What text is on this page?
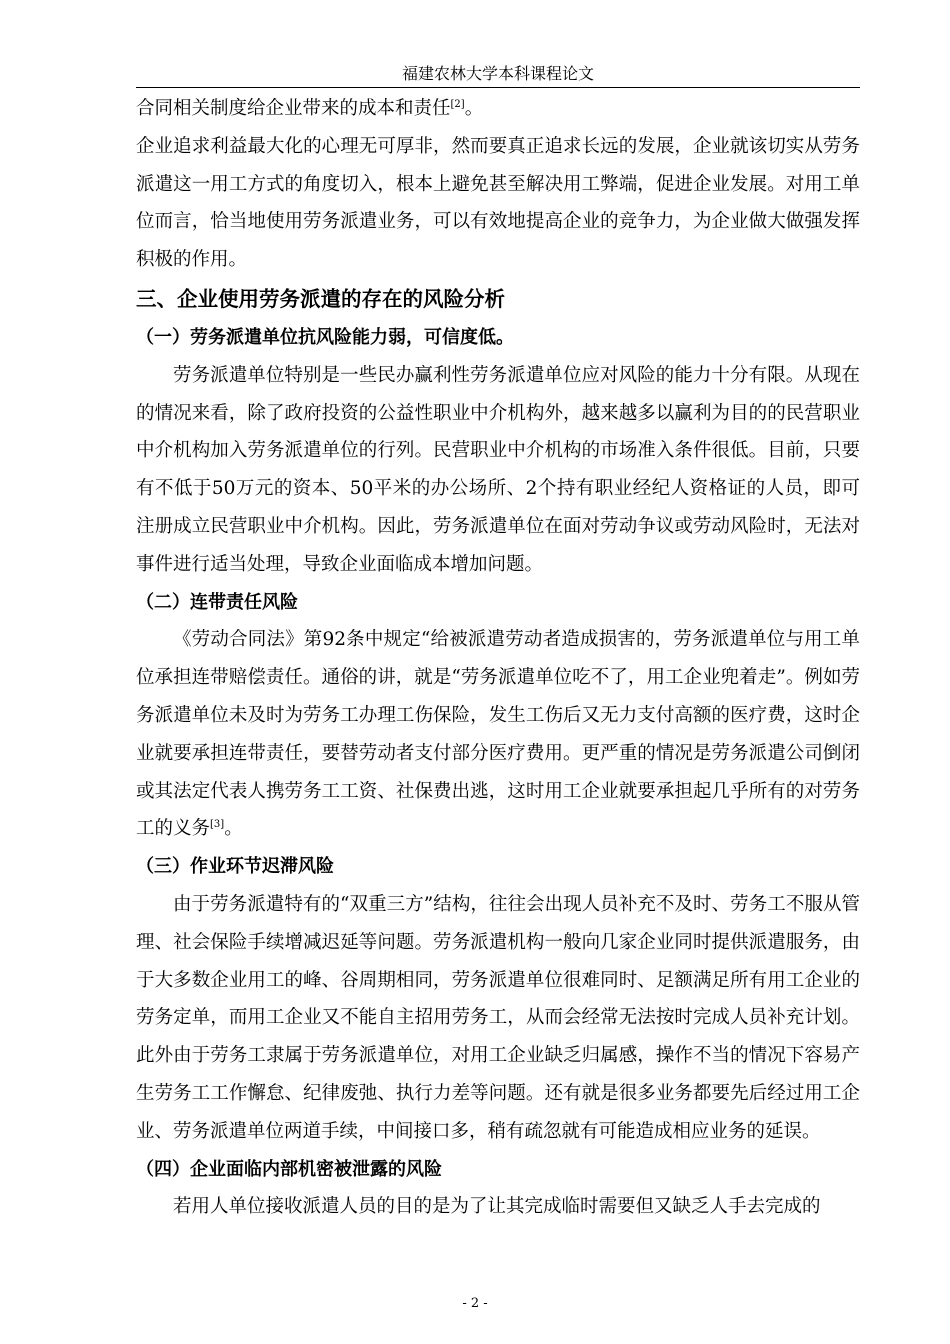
福建农林大学本科课程论文

合同相关制度给企业带来的成本和责任[2]。

企业追求利益最大化的心理无可厚非，然而要真正追求长远的发展，企业就该切实从劳务派遣这一用工方式的角度切入，根本上避免甚至解决用工弊端，促进企业发展。对用工单位而言，恰当地使用劳务派遣业务，可以有效地提高企业的竞争力，为企业做大做强发挥积极的作用。

三、企业使用劳务派遣的存在的风险分析
（一）劳务派遣单位抗风险能力弱，可信度低。

劳务派遣单位特别是一些民办赢利性劳务派遣单位应对风险的能力十分有限。从现在的情况来看，除了政府投资的公益性职业中介机构外，越来越多以赢利为目的的民营职业中介机构加入劳务派遣单位的行列。民营职业中介机构的市场准入条件很低。目前，只要有不低于50万元的资本、50平米的办公场所、2个持有职业经纪人资格证的人员，即可注册成立民营职业中介机构。因此，劳务派遣单位在面对劳动争议或劳动风险时，无法对事件进行适当处理，导致企业面临成本增加问题。

（二）连带责任风险

《劳动合同法》第92条中规定“给被派遣劳动者造成损害的，劳务派遣单位与用工单位承担连带赔偿责任。通俗的讲，就是“劳务派遣单位吃不了，用工企业兜着走”。例如劳务派遣单位未及时为劳务工办理工伤保险，发生工伤后又无力支付高额的医疗费，这时企业就要承担连带责任，要替劳动者支付部分医疗费用。更严重的情况是劳务派遣公司倒闭或其法定代表人携劳务工工资、社保费出逃，这时用工企业就要承担起几乎所有的对劳务工的义务[3]。

（三）作业环节迟滞风险

由于劳务派遣特有的“双重三方”结构，往往会出现人员补充不及时、劳务工不服从管理、社会保险手续增减迟延等问题。劳务派遣机构一般向几家企业同时提供派遣服务，由于大多数企业用工的峰、谷周期相同，劳务派遣单位很难同时、足额满足所有用工企业的劳务定单，而用工企业又不能自主招用劳务工，从而会经常无法按时完成人员补充计划。此外由于劳务工隶属于劳务派遣单位，对用工企业缺乏归属感，操作不当的情况下容易产生劳务工工作懈怠、纪律废弛、执行力差等问题。还有就是很多业务都要先后经过用工企业、劳务派遣单位两道手续，中间接口多，稍有疏忽就有可能造成相应业务的延误。

（四）企业面临内部机密被泄露的风险

若用人单位接收派遣人员的目的是为了让其完成临时需要但又缺乏人手去完成的

- 2 -
